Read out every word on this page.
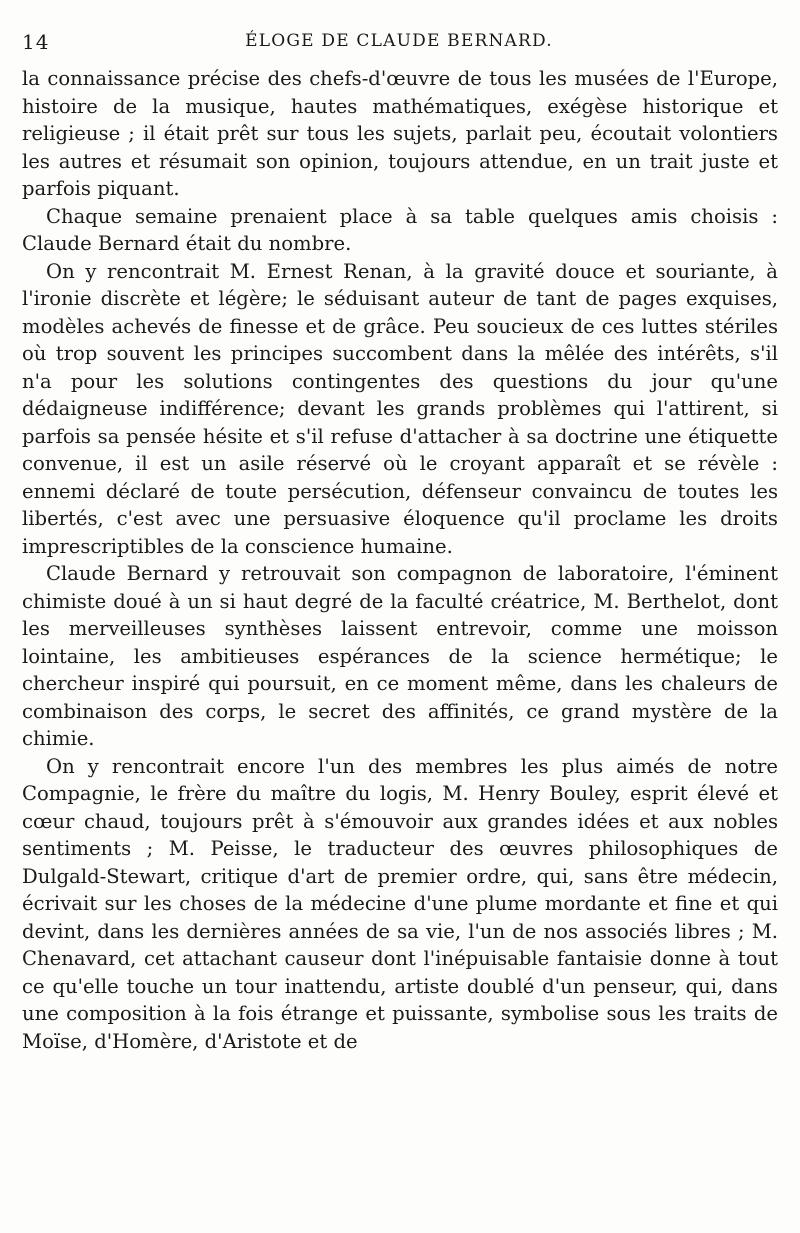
14	ÉLOGE DE CLAUDE BERNARD.

la connaissance précise des chefs-d'œuvre de tous les musées de l'Europe, histoire de la musique, hautes mathématiques, exégèse historique et religieuse ; il était prêt sur tous les sujets, parlait peu, écoutait volontiers les autres et résumait son opinion, toujours attendue, en un trait juste et parfois piquant.

Chaque semaine prenaient place à sa table quelques amis choisis : Claude Bernard était du nombre.

On y rencontrait M. Ernest Renan, à la gravité douce et souriante, à l'ironie discrète et légère; le séduisant auteur de tant de pages exquises, modèles achevés de finesse et de grâce. Peu soucieux de ces luttes stériles où trop souvent les principes succombent dans la mêlée des intérêts, s'il n'a pour les solutions contingentes des questions du jour qu'une dédaigneuse indifférence; devant les grands problèmes qui l'attirent, si parfois sa pensée hésite et s'il refuse d'attacher à sa doctrine une étiquette convenue, il est un asile réservé où le croyant apparaît et se révèle : ennemi déclaré de toute persécution, défenseur convaincu de toutes les libertés, c'est avec une persuasive éloquence qu'il proclame les droits imprescriptibles de la conscience humaine.

Claude Bernard y retrouvait son compagnon de laboratoire, l'éminent chimiste doué à un si haut degré de la faculté créatrice, M. Berthelot, dont les merveilleuses synthèses laissent entrevoir, comme une moisson lointaine, les ambitieuses espérances de la science hermétique; le chercheur inspiré qui poursuit, en ce moment même, dans les chaleurs de combinaison des corps, le secret des affinités, ce grand mystère de la chimie.

On y rencontrait encore l'un des membres les plus aimés de notre Compagnie, le frère du maître du logis, M. Henry Bouley, esprit élevé et cœur chaud, toujours prêt à s'émouvoir aux grandes idées et aux nobles sentiments ; M. Peisse, le traducteur des œuvres philosophiques de Dulgald-Stewart, critique d'art de premier ordre, qui, sans être médecin, écrivait sur les choses de la médecine d'une plume mordante et fine et qui devint, dans les dernières années de sa vie, l'un de nos associés libres ; M. Chenavard, cet attachant causeur dont l'inépuisable fantaisie donne à tout ce qu'elle touche un tour inattendu, artiste doublé d'un penseur, qui, dans une composition à la fois étrange et puissante, symbolise sous les traits de Moïse, d'Homère, d'Aristote et de
